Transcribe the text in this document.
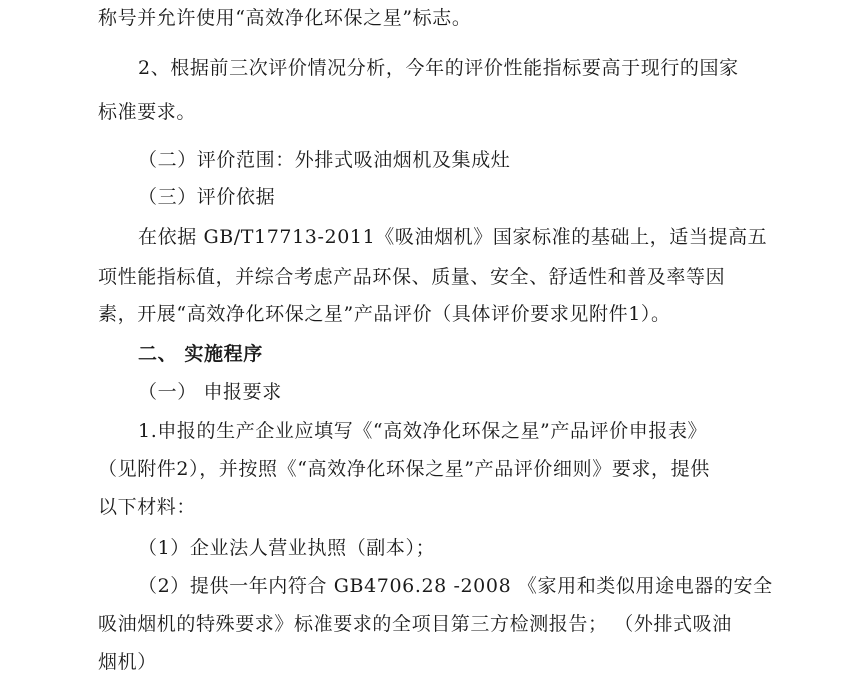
称号并允许使用“高效净化环保之星”标志。
2、根据前三次评价情况分析，今年的评价性能指标要高于现行的国家
标准要求。
（二）评价范围：外排式吸油烟机及集成灶
（三）评价依据
在依据 GB/T17713-2011《吸油烟机》国家标准的基础上，适当提高五
项性能指标值，并综合考虑产品环保、质量、安全、舒适性和普及率等因
素，开展“高效净化环保之星”产品评价（具体评价要求见附件1）。
二、 实施程序
（一） 申报要求
1.申报的生产企业应填写《“高效净化环保之星”产品评价申报表》
（见附件2），并按照《“高效净化环保之星”产品评价细则》要求，提供
以下材料：
（1）企业法人营业执照（副本）；
（2）提供一年内符合 GB4706.28 -2008 《家用和类似用途电器的安全
吸油烟机的特殊要求》标准要求的全项目第三方检测报告； （外排式吸油
烟机）
